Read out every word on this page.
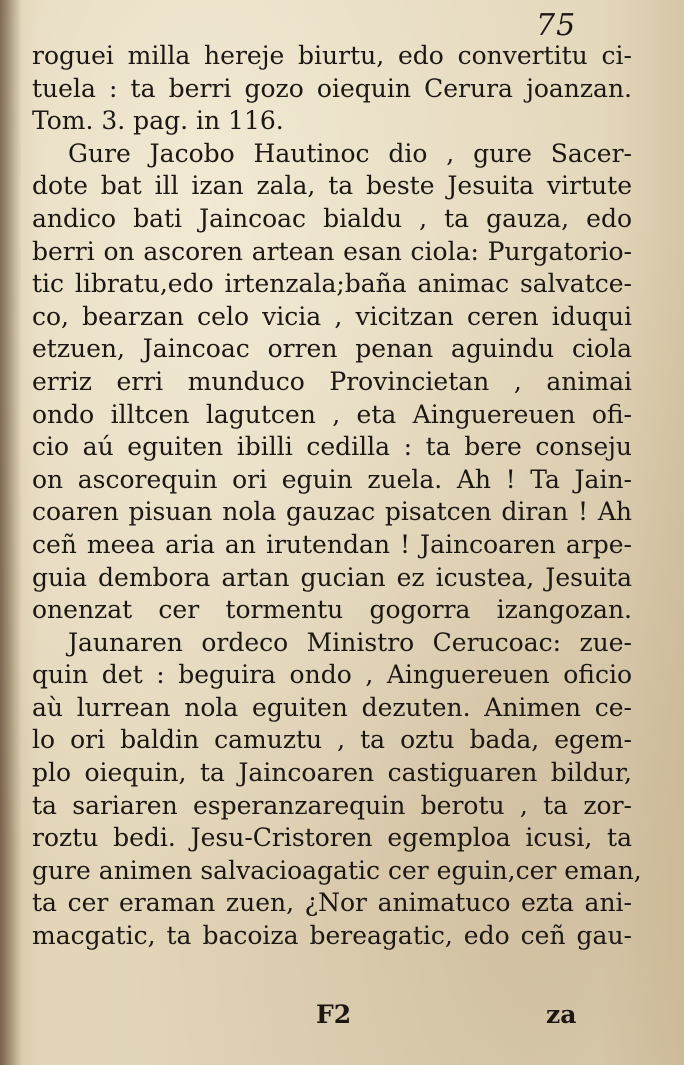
75
roguei milla hereje biurtu, edo convertitu ci-
tuela : ta berri gozo oiequin Cerura joanzan.
Tom. 3. pag. in 116.
Gure Jacobo Hautinoc dio , gure Sacer-
dote bat ill izan zala, ta beste Jesuita virtute
andico bati Jaincoac bialdu , ta gauza, edo
berri on ascoren artean esan ciola: Purgatorio-
tic libratu,edo irtenzala;baña animac salvatce-
co, bearzan celo vicia , vicitzan ceren iduqui
etzuen, Jaincoac orren penan aguindu ciola
erriz erri munduco Provincietan , animai
ondo illtcen lagutcen , eta Ainguereuen ofi-
cio aú eguiten ibilli cedilla : ta bere conseju
on ascorequin ori eguin zuela. Ah ! Ta Jain-
coaren pisuan nola gauzac pisatcen diran ! Ah
ceñ meea aria an irutendan ! Jaincoaren arpe-
guia dembora artan gucian ez icustea, Jesuita
onenzat cer tormentu gogorra izangozan.
Jaunaren ordeco Ministro Cerucoac: zue-
quin det : beguira ondo , Ainguereuen oficio
aù lurrean nola eguiten dezuten. Animen ce-
lo ori baldin camuztu , ta oztu bada, egem-
plo oiequin, ta Jaincoaren castiguaren bildur,
ta sariaren esperanzarequin berotu , ta zor-
roztu bedi. Jesu-Cristoren egemploa icusi, ta
gure animen salvacioagatic cer eguin,cer eman,
ta cer eraman zuen, ¿Nor animatuco ezta ani-
macgatic, ta bacoiza bereagatic, edo ceñ gau-
F2	za
